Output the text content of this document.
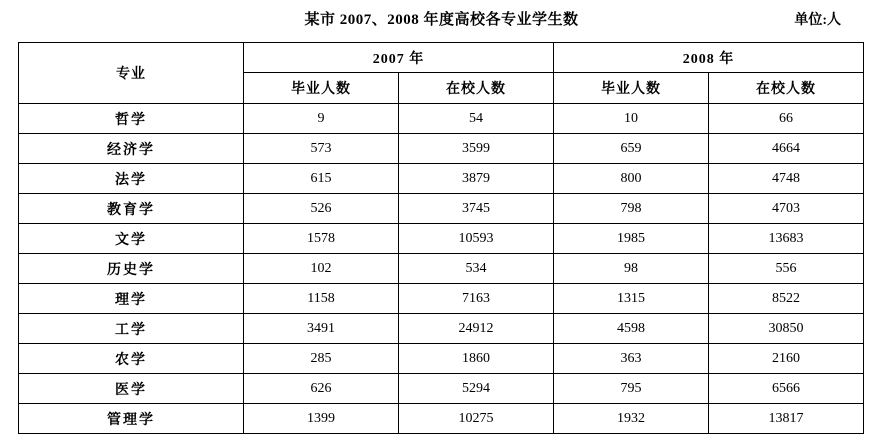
某市 2007、2008 年度高校各专业学生数	单位:人
专业	2007 年		2008 年	
	毕业人数	在校人数	毕业人数	在校人数
哲学	9	54	10	66
经济学	573	3599	659	4664
法学	615	3879	800	4748
教育学	526	3745	798	4703
文学	1578	10593	1985	13683
历史学	102	534	98	556
理学	1158	7163	1315	8522
工学	3491	24912	4598	30850
农学	285	1860	363	2160
医学	626	5294	795	6566
管理学	1399	10275	1932	13817
